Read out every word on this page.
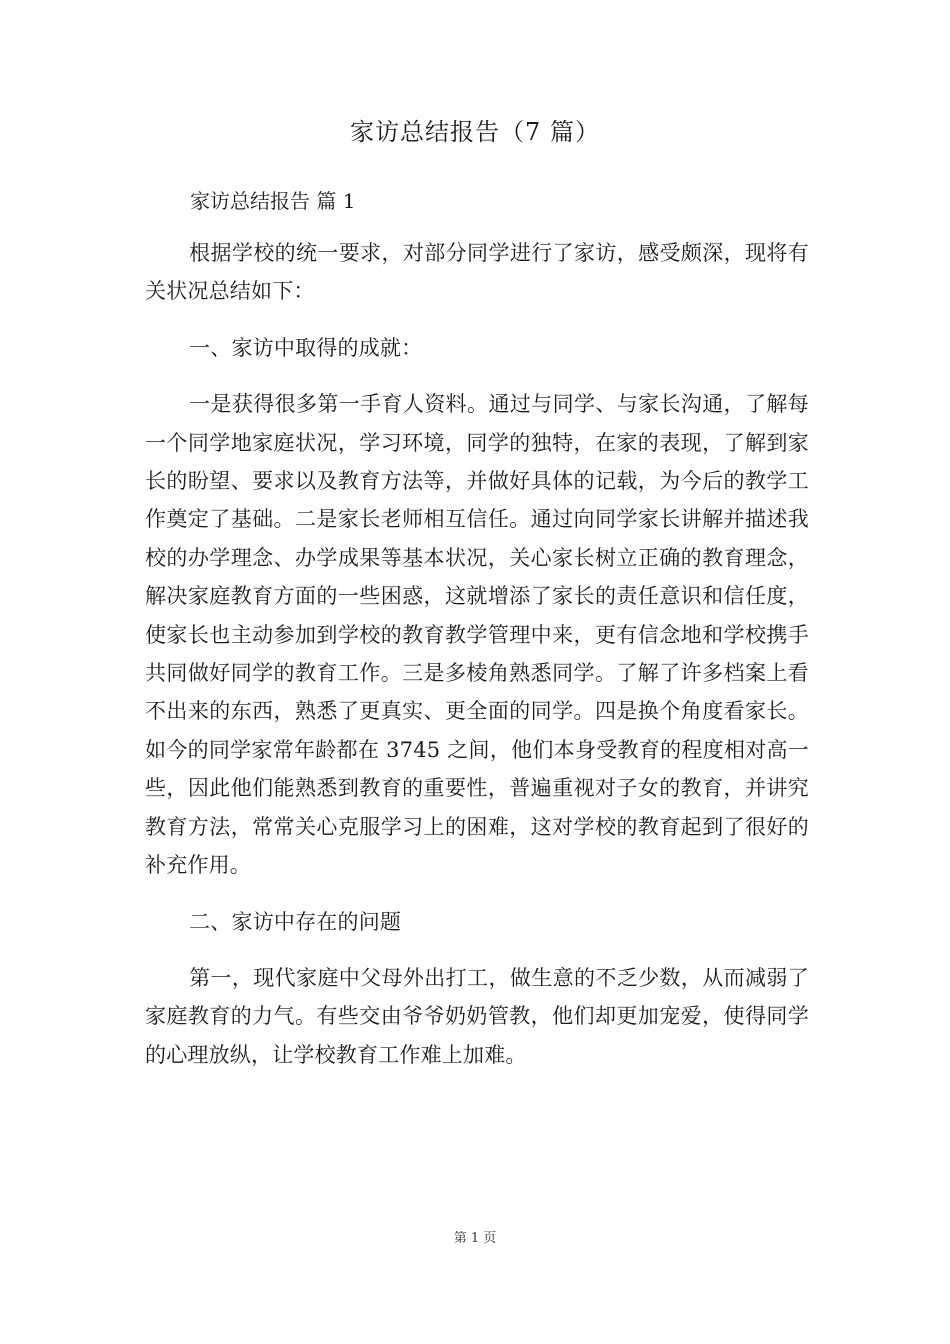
家访总结报告（7 篇）
家访总结报告 篇 1

根据学校的统一要求，对部分同学进行了家访，感受颇深，现将有关状况总结如下：

一、家访中取得的成就：

一是获得很多第一手育人资料。通过与同学、与家长沟通，了解每一个同学地家庭状况，学习环境，同学的独特，在家的表现，了解到家长的盼望、要求以及教育方法等，并做好具体的记载，为今后的教学工作奠定了基础。二是家长老师相互信任。通过向同学家长讲解并描述我校的办学理念、办学成果等基本状况，关心家长树立正确的教育理念，解决家庭教育方面的一些困惑，这就增添了家长的责任意识和信任度，使家长也主动参加到学校的教育教学管理中来，更有信念地和学校携手共同做好同学的教育工作。三是多棱角熟悉同学。了解了许多档案上看不出来的东西，熟悉了更真实、更全面的同学。四是换个角度看家长。如今的同学家常年龄都在 3745 之间，他们本身受教育的程度相对高一些，因此他们能熟悉到教育的重要性，普遍重视对子女的教育，并讲究教育方法，常常关心克服学习上的困难，这对学校的教育起到了很好的补充作用。

二、家访中存在的问题

第一，现代家庭中父母外出打工，做生意的不乏少数，从而减弱了家庭教育的力气。有些交由爷爷奶奶管教，他们却更加宠爱，使得同学的心理放纵，让学校教育工作难上加难。

第 1 页
